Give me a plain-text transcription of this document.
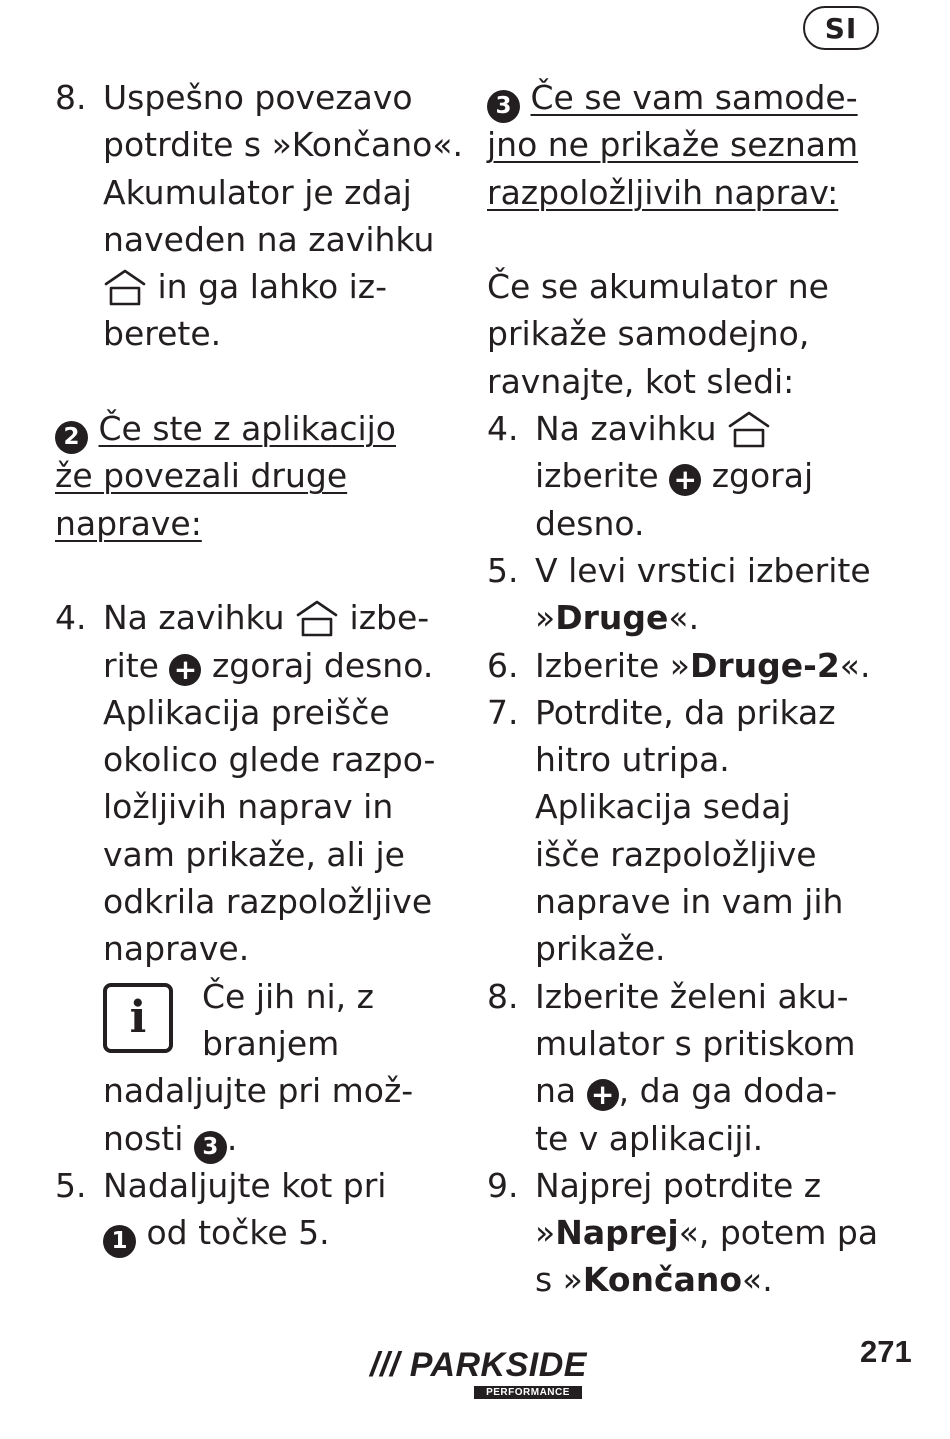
SI
8. Uspešno povezavo
potrdite s »Končano«.
Akumulator je zdaj
naveden na zavihku
in ga lahko iz-
berete.
2 Če ste z aplikacijo
že povezali druge
naprave:
4. Na zavihku
izbe-
rite + zgoraj desno.
Aplikacija preišče
okolico glede razpo-
ložljivih naprav in
vam prikaže, ali je
odkrila razpoložljive
naprave.
i	Če jih ni, z
branjem
nadaljujte pri mož-
nosti 3 .
5. Nadaljujte kot pri
1 od točke 5.
3 Če se vam samode-
jno ne prikaže seznam
razpoložljivih naprav:
Če se akumulator ne
prikaže samodejno,
ravnajte, kot sledi:
4. Na zavihku
izberite + zgoraj
desno.
5. V levi vrstici izberite
»Druge«.
6. Izberite »Druge-2«.
7. Potrdite, da prikaz
hitro utripa.
Aplikacija sedaj
išče razpoložljive
naprave in vam jih
prikaže.
8. Izberite želeni aku-
mulator s pritiskom
na + , da ga doda-
te v aplikaciji.
9. Najprej potrdite z
»Naprej«, potem pa
s »Končano«.
/// PARKSIDE
PERFORMANCE
271
